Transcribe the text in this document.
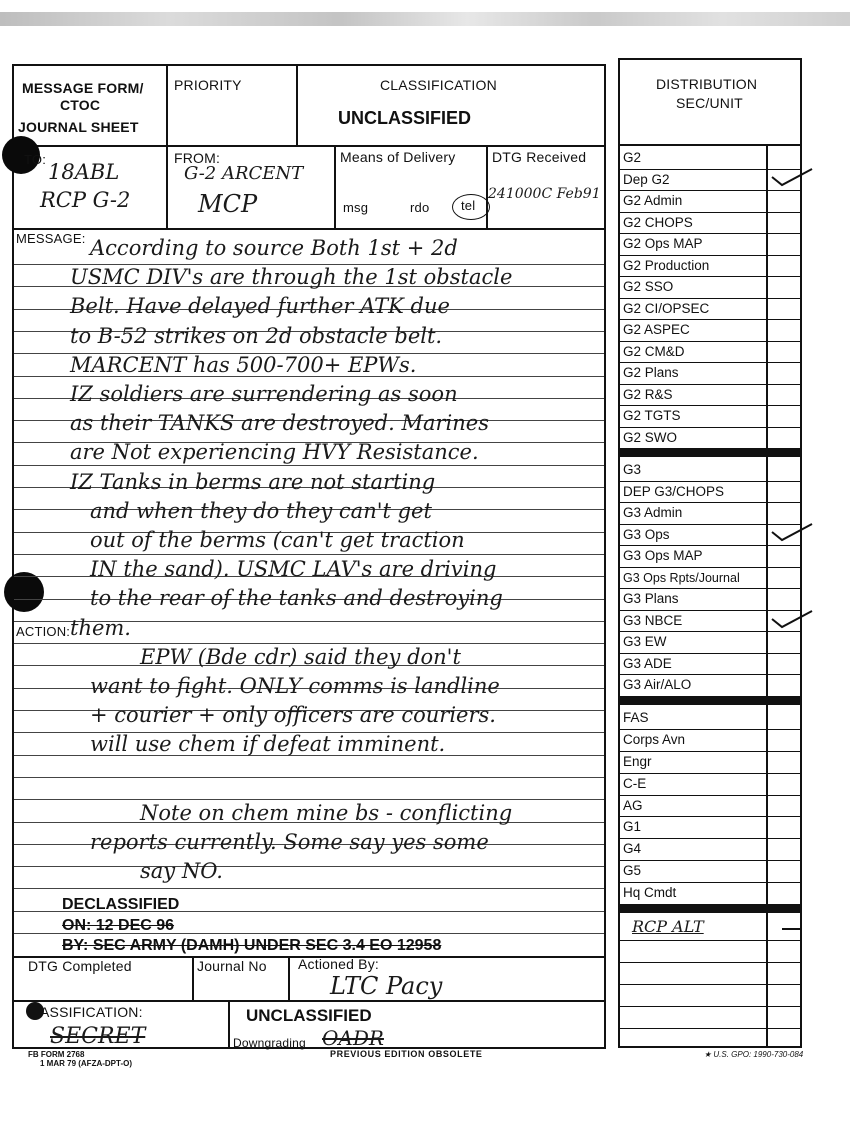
MESSAGE FORM/
CTOC
JOURNAL SHEET
PRIORITY	CLASSIFICATION
UNCLASSIFIED
TO:
18ABL
RCP G-2
FROM:
G-2 ARCENT
MCP
Means of Delivery
msg	rdo tel
DTG Received
241000C Feb91
MESSAGE:
ACTION:
According to source Both 1st + 2d
USMC DIV's are through the 1st obstacle
Belt. Have delayed further ATK due
to B-52 strikes on 2d obstacle belt.
MARCENT has 500-700+ EPWs.
IZ soldiers are surrendering as soon
as their TANKS are destroyed. Marines
are Not experiencing HVY Resistance.
IZ Tanks in berms are not starting
and when they do they can't get
out of the berms (can't get traction
IN the sand). USMC LAV's are driving
to the rear of the tanks and destroying
them.
EPW (Bde cdr) said they don't
want to fight. ONLY comms is landline
+ courier + only officers are couriers.
will use chem if defeat imminent.
Note on chem mine bs - conflicting
reports currently. Some say yes some
say NO.
DECLASSIFIED
ON: 12 DEC 96
BY: SEC ARMY (DAMH) UNDER SEC 3.4 EO 12958
DTG Completed	Journal No Actioned By:
LTC Pacy
ASSIFICATION:
SECRET
UNCLASSIFIED
Downgrading OADR
FB FORM 2768
1 MAR 79 (AFZA-DPT-O)
PREVIOUS EDITION OBSOLETE	★ U.S. GPO: 1990-730-084
DISTRIBUTION
SEC/UNIT
G2
Dep G2
G2 Admin
G2 CHOPS
G2 Ops MAP
G2 Production
G2 SSO
G2 CI/OPSEC
G2 ASPEC
G2 CM&D
G2 Plans
G2 R&S
G2 TGTS
G2 SWO
G3
DEP G3/CHOPS
G3 Admin
G3 Ops
G3 Ops MAP
G3 Ops Rpts/Journal
G3 Plans
G3 NBCE
G3 EW
G3 ADE
G3 Air/ALO
FAS
Corps Avn
Engr
C-E
AG
G1
G4
G5
Hq Cmdt
RCP ALT
